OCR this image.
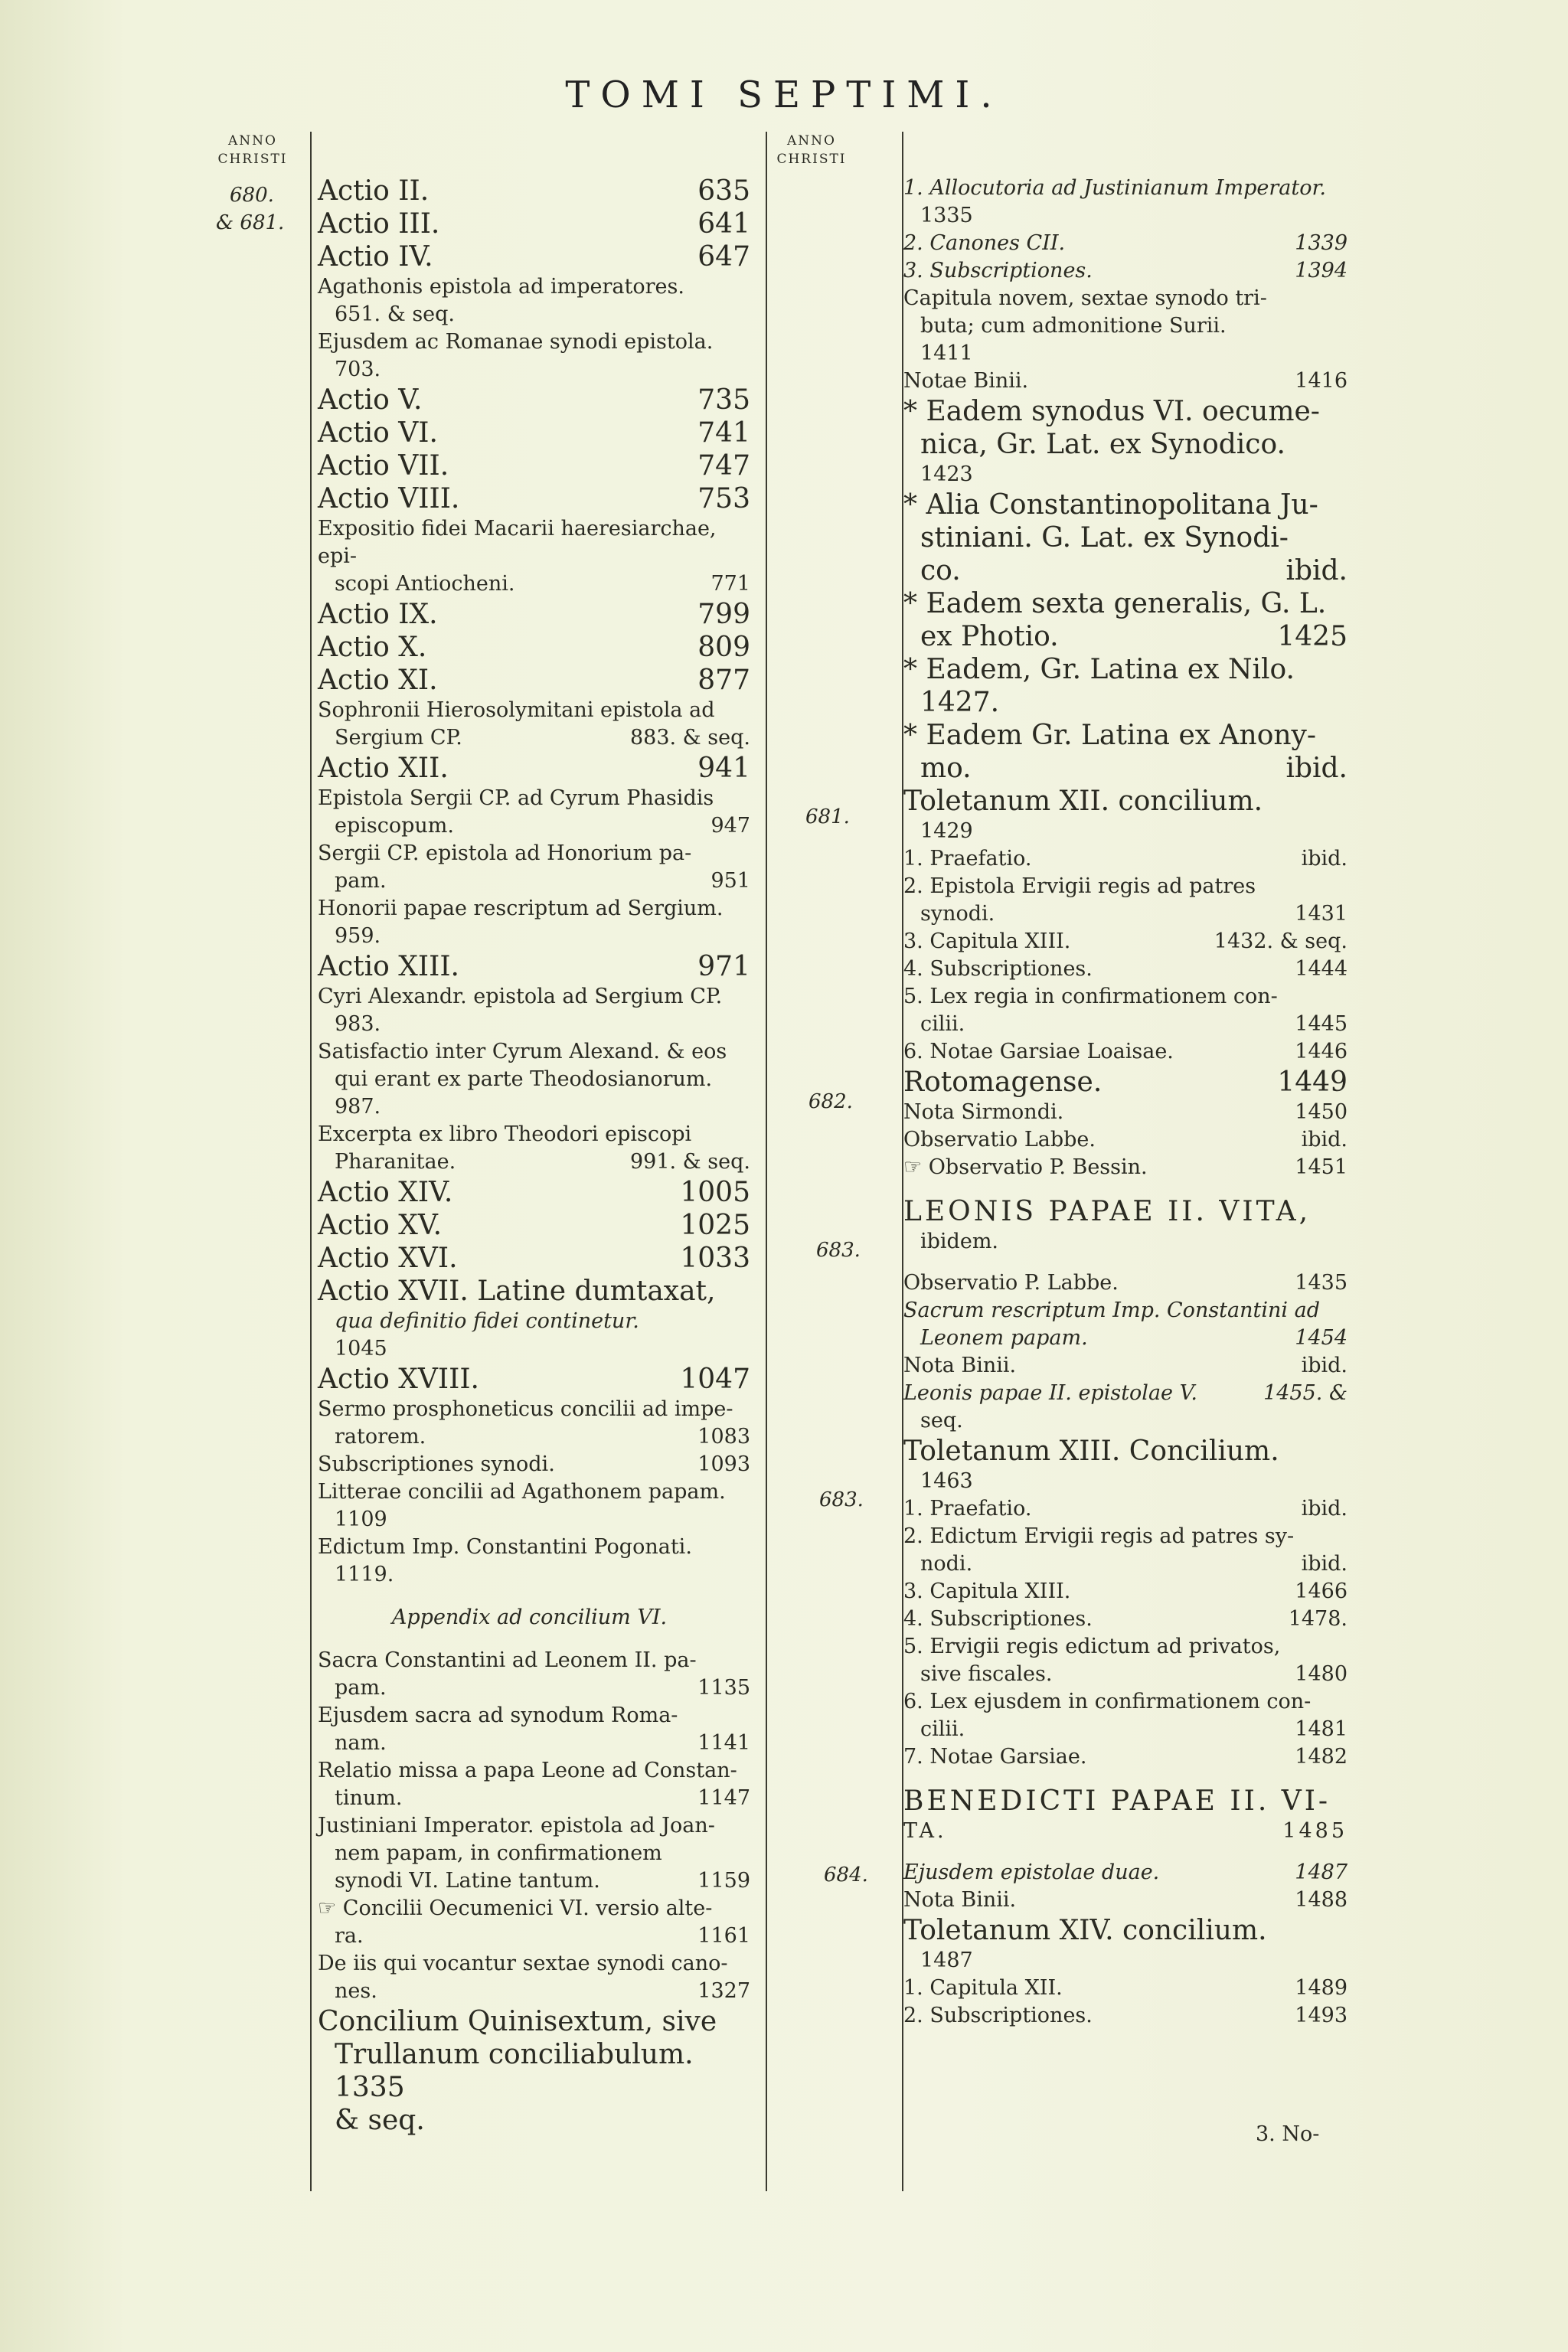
TOMI SEPTIMI.
ANNO
CHRISTI
680.
& 681.
ANNO
CHRISTI
681.
682.
683.
683.
684.
Actio II.	635
Actio III.	641
Actio IV.	647
Agathonis epistola ad imperatores.
651. & seq.
Ejusdem ac Romanae synodi epistola.
703.
Actio V.	735
Actio VI.	741
Actio VII.	747
Actio VIII.	753
Expositio fidei Macarii haeresiarchae, epi-
scopi Antiocheni.	771
Actio IX.	799
Actio X.	809
Actio XI.	877
Sophronii Hierosolymitani epistola ad
Sergium CP.	883. & seq.
Actio XII.	941
Epistola Sergii CP. ad Cyrum Phasidis
episcopum.	947
Sergii CP. epistola ad Honorium pa-
pam.	951
Honorii papae rescriptum ad Sergium.
959.
Actio XIII.	971
Cyri Alexandr. epistola ad Sergium CP.
983.
Satisfactio inter Cyrum Alexand. & eos
qui erant ex parte Theodosianorum.
987.
Excerpta ex libro Theodori episcopi
Pharanitae.	991. & seq.
Actio XIV.	1005
Actio XV.	1025
Actio XVI.	1033
Actio XVII. Latine dumtaxat,
qua definitio fidei continetur.
1045
Actio XVIII.	1047
Sermo prosphoneticus concilii ad impe-
ratorem.	1083
Subscriptiones synodi.	1093
Litterae concilii ad Agathonem papam.
1109
Edictum Imp. Constantini Pogonati.
1119.
Appendix ad concilium VI.
Sacra Constantini ad Leonem II. pa-
pam.	1135
Ejusdem sacra ad synodum Roma-
nam.	1141
Relatio missa a papa Leone ad Constan-
tinum.	1147
Justiniani Imperator. epistola ad Joan-
nem papam, in confirmationem
synodi VI. Latine tantum.	1159
☞ Concilii Oecumenici VI. versio alte-
ra.	1161
De iis qui vocantur sextae synodi cano-
nes.	1327
Concilium Quinisextum, sive
Trullanum conciliabulum. 1335
& seq.
1. Allocutoria ad Justinianum Imperator.
1335
2. Canones CII.	1339
3. Subscriptiones.	1394
Capitula novem, sextae synodo tri-
buta; cum admonitione Surii.
1411
Notae Binii.	1416
* Eadem synodus VI. oecume-
nica, Gr. Lat. ex Synodico.
1423
* Alia Constantinopolitana Ju-
stiniani. G. Lat. ex Synodi-
co.	ibid.
* Eadem sexta generalis, G. L.
ex Photio.	1425
* Eadem, Gr. Latina ex Nilo.
1427.
* Eadem Gr. Latina ex Anony-
mo.	ibid.
Toletanum XII. concilium.
1429
1. Praefatio.	ibid.
2. Epistola Ervigii regis ad patres
synodi.	1431
3. Capitula XIII.	1432. & seq.
4. Subscriptiones.	1444
5. Lex regia in confirmationem con-
cilii.	1445
6. Notae Garsiae Loaisae.	1446
Rotomagense.	1449
Nota Sirmondi.	1450
Observatio Labbe.	ibid.
☞ Observatio P. Bessin.	1451
LEONIS PAPAE II. VITA,
ibidem.
Observatio P. Labbe.	1435
Sacrum rescriptum Imp. Constantini ad
Leonem papam.	1454
Nota Binii.	ibid.
Leonis papae II. epistolae V.	1455. &
seq.
Toletanum XIII. Concilium.
1463
1. Praefatio.	ibid.
2. Edictum Ervigii regis ad patres sy-
nodi.	ibid.
3. Capitula XIII.	1466
4. Subscriptiones.	1478.
5. Ervigii regis edictum ad privatos,
sive fiscales.	1480
6. Lex ejusdem in confirmationem con-
cilii.	1481
7. Notae Garsiae.	1482
BENEDICTI PAPAE II. VI-
TA.	1485
Ejusdem epistolae duae.	1487
Nota Binii.	1488
Toletanum XIV. concilium.
1487
1. Capitula XII.	1489
2. Subscriptiones.	1493
3. No-
